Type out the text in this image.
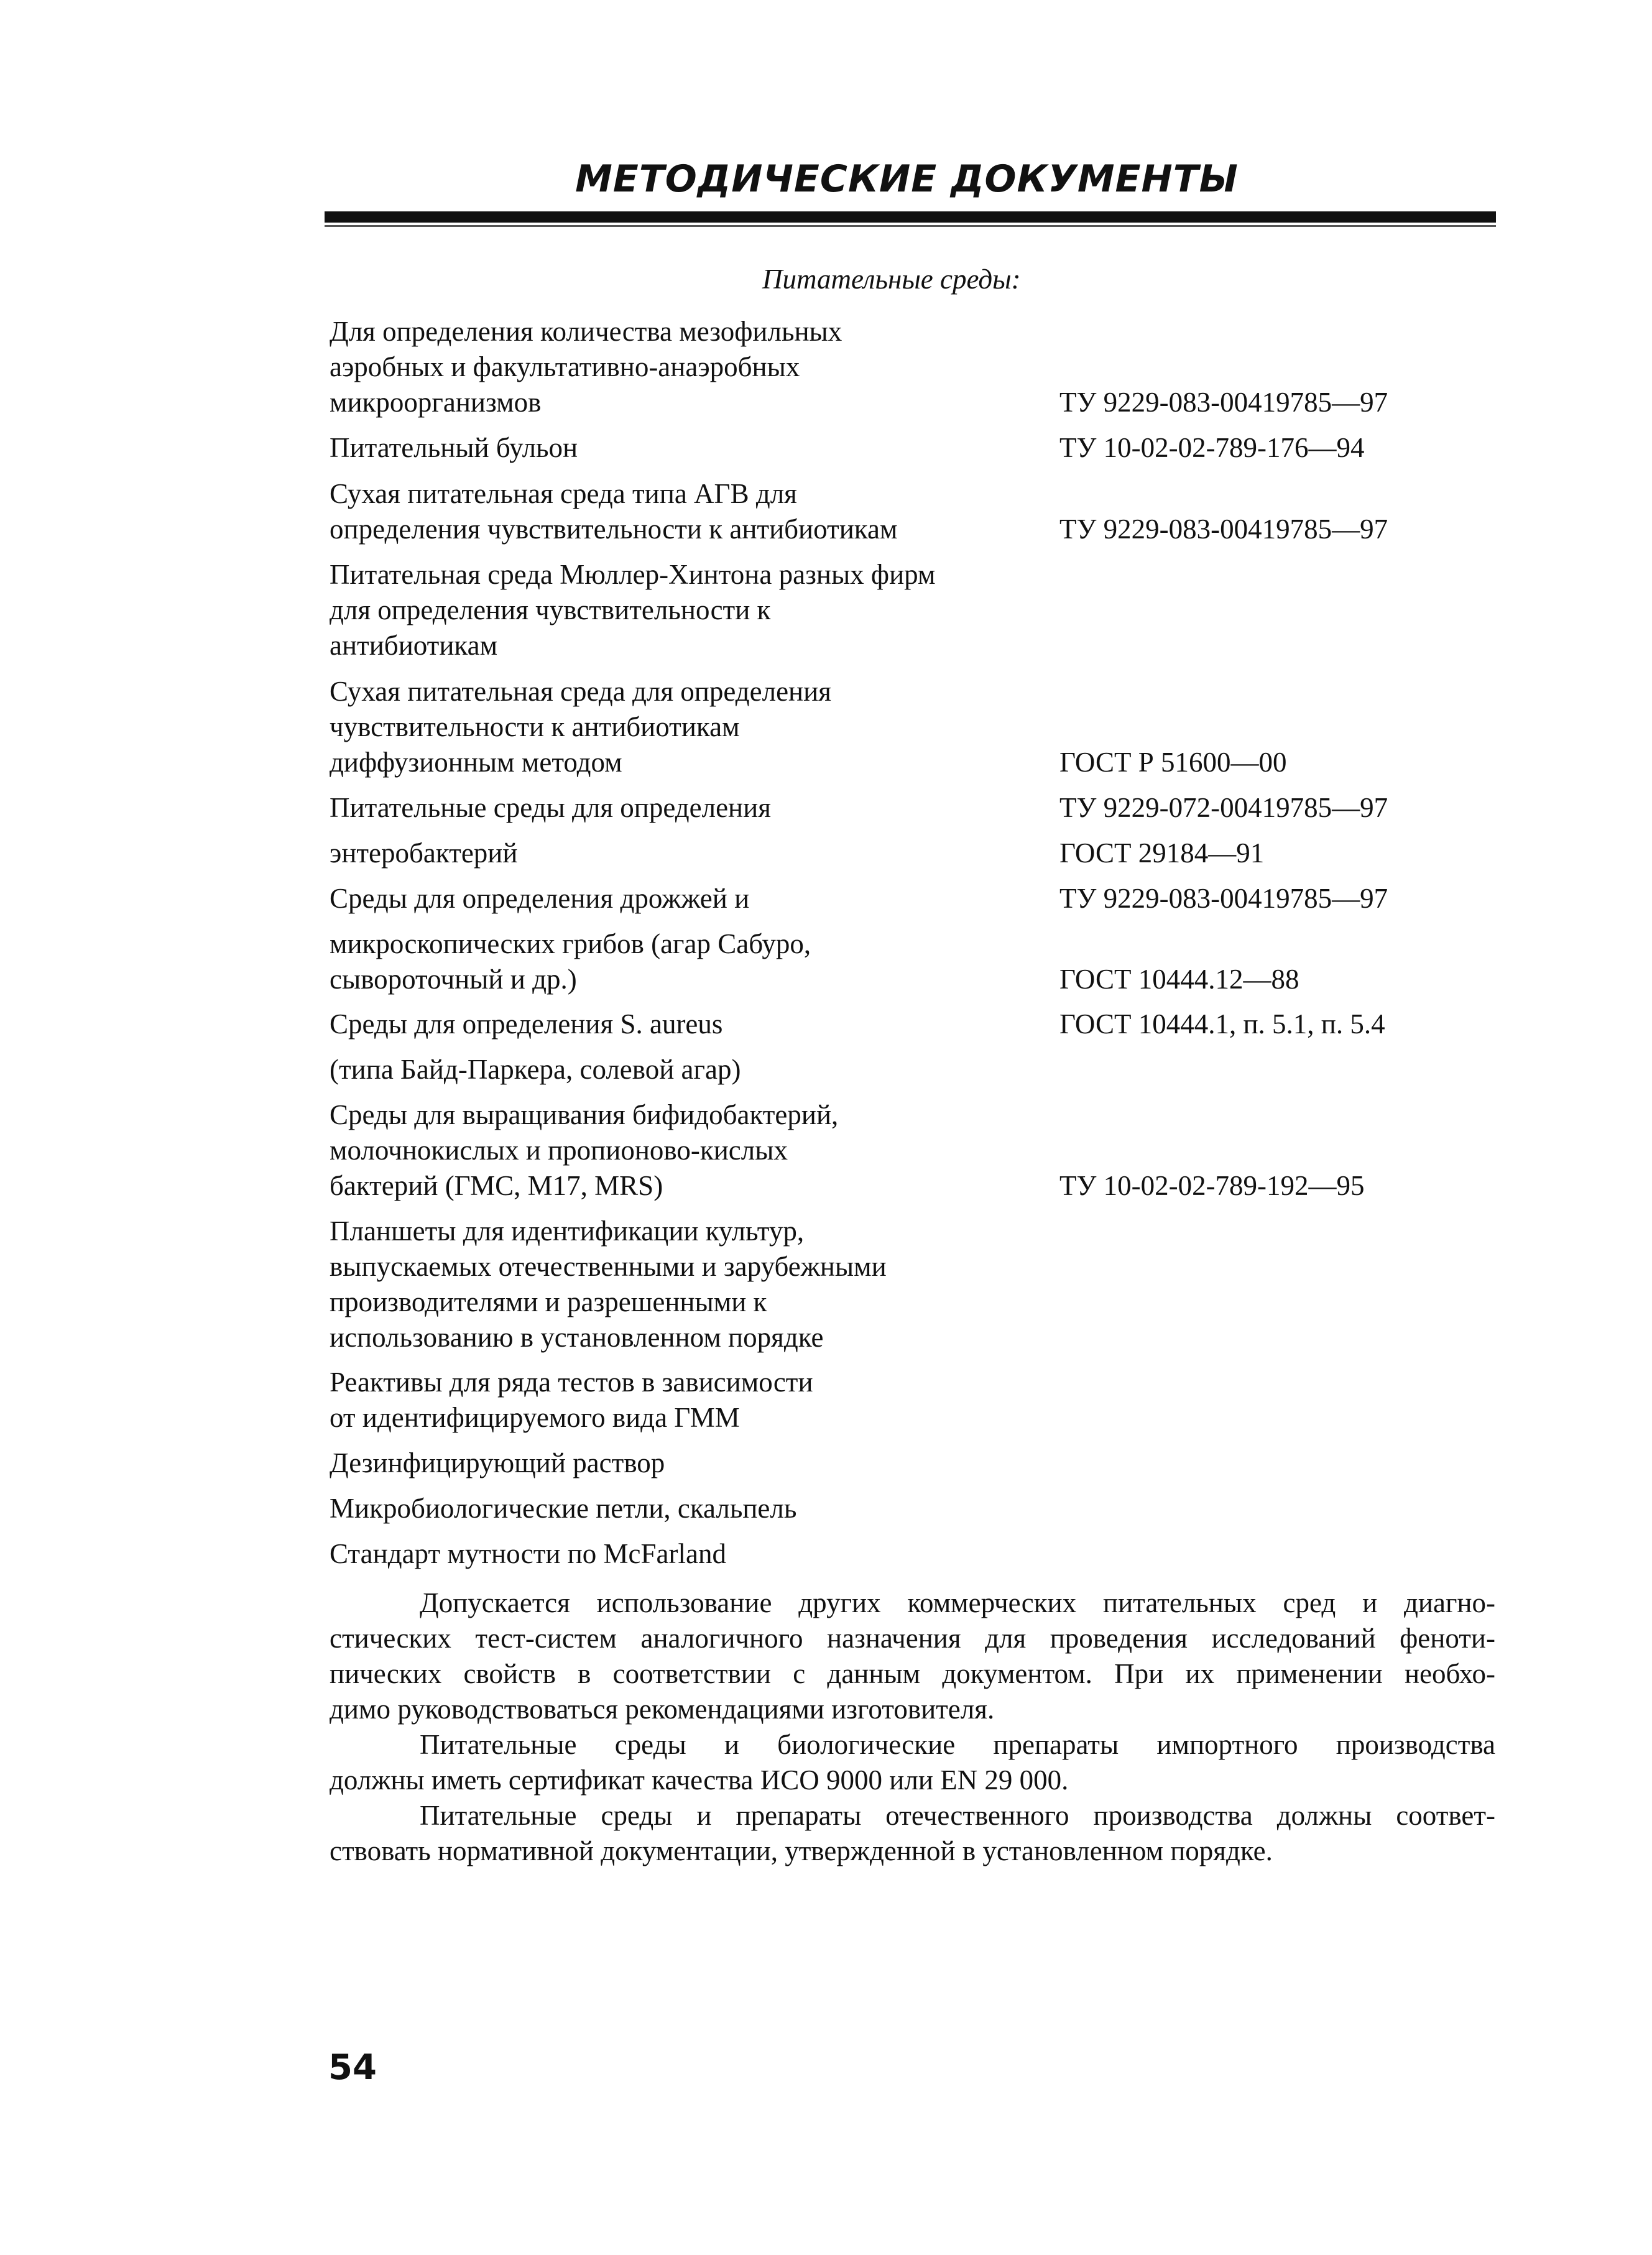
МЕТОДИЧЕСКИЕ ДОКУМЕНТЫ
Питательные среды:
Для определения количества мезофильных
аэробных и факультативно-анаэробных
микроорганизмов	ТУ 9229-083-00419785—97
Питательный бульон	ТУ 10-02-02-789-176—94
Сухая питательная среда типа АГВ для
определения чувствительности к антибиотикам	ТУ 9229-083-00419785—97
Питательная среда Мюллер-Хинтона разных фирм
для определения чувствительности к
антибиотикам
Сухая питательная среда для определения
чувствительности к антибиотикам
диффузионным методом	ГОСТ Р 51600—00
Питательные среды для определения	ТУ 9229-072-00419785—97
энтеробактерий	ГОСТ 29184—91
Среды для определения дрожжей и	ТУ 9229-083-00419785—97
микроскопических грибов (агар Сабуро,
сывороточный и др.)	ГОСТ 10444.12—88
Среды для определения S. aureus	ГОСТ 10444.1, п. 5.1, п. 5.4
(типа Байд-Паркера, солевой агар)
Среды для выращивания бифидобактерий,
молочнокислых и пропионово-кислых
бактерий (ГМС, М17, MRS)	ТУ 10-02-02-789-192—95
Планшеты для идентификации культур,
выпускаемых отечественными и зарубежными
производителями и разрешенными к
использованию в установленном порядке
Реактивы для ряда тестов в зависимости
от идентифицируемого вида ГММ
Дезинфицирующий раствор
Микробиологические петли, скальпель
Стандарт мутности по McFarland
Допускается использование других коммерческих питательных сред и диагно-
стических тест-систем аналогичного назначения для проведения исследований феноти-
пических свойств в соответствии с данным документом. При их применении необхо-
димо руководствоваться рекомендациями изготовителя.
Питательные среды и биологические препараты импортного производства
должны иметь сертификат качества ИСО 9000 или EN 29 000.
Питательные среды и препараты отечественного производства должны соответ-
ствовать нормативной документации, утвержденной в установленном порядке.
54
